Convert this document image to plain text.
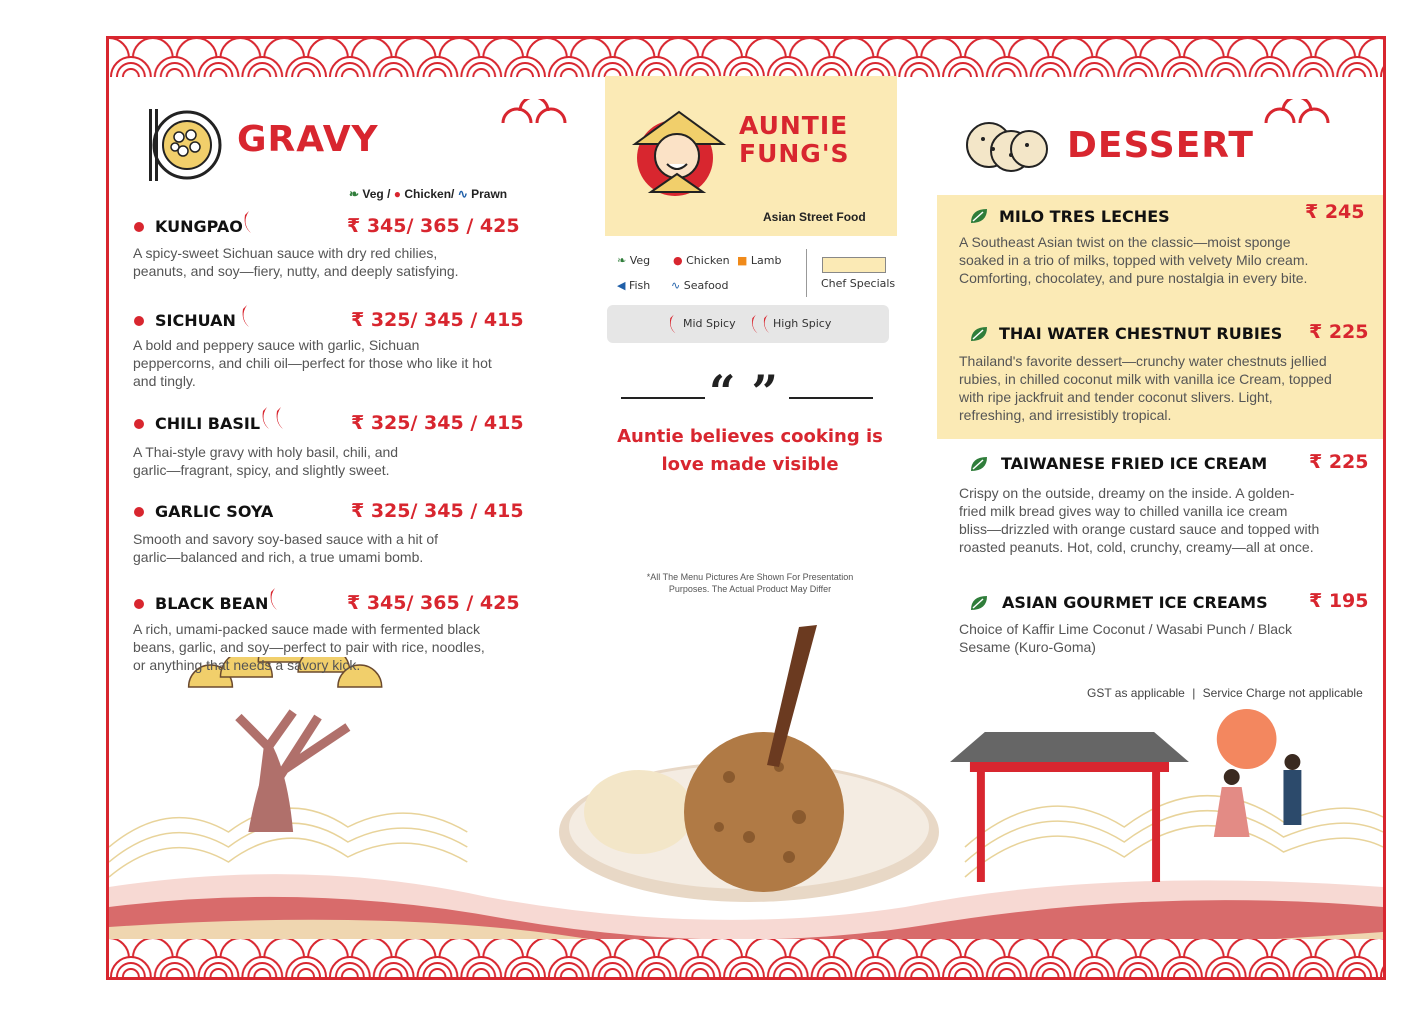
GRAVY
❧ Veg / ● Chicken/ ∿ Prawn
KUNGPAO	₹ 345/ 365 / 425
A spicy-sweet Sichuan sauce with dry red chilies,
peanuts, and soy—fiery, nutty, and deeply satisfying.
SICHUAN	₹ 325/ 345 / 415
A bold and peppery sauce with garlic, Sichuan
peppercorns, and chili oil—perfect for those who like it hot
and tingly.
CHILI BASIL	₹ 325/ 345 / 415
A Thai-style gravy with holy basil, chili, and
garlic—fragrant, spicy, and slightly sweet.
GARLIC SOYA	₹ 325/ 345 / 415
Smooth and savory soy-based sauce with a hit of
garlic—balanced and rich, a true umami bomb.
BLACK BEAN	₹ 345/ 365 / 425
A rich, umami-packed sauce made with fermented black
beans, garlic, and soy—perfect to pair with rice, noodles,
or anything that needs a savory kick.
AUNTIE
FUNG'S
Asian Street Food
❧ Veg ● Chicken ■ Lamb
◀ Fish ∿ Seafood	Chef Specials
Mid Spicy	High Spicy
“ ”
Auntie believes cooking is
love made visible
*All The Menu Pictures Are Shown For Presentation
Purposes. The Actual Product May Differ
DESSERT
MILO TRES LECHES	₹ 245
A Southeast Asian twist on the classic—moist sponge
soaked in a trio of milks, topped with velvety Milo cream.
Comforting, chocolatey, and pure nostalgia in every bite.
THAI WATER CHESTNUT RUBIES ₹ 225
Thailand's favorite dessert—crunchy water chestnuts jellied
rubies, in chilled coconut milk with vanilla ice Cream, topped
with ripe jackfruit and tender coconut slivers. Light,
refreshing, and irresistibly tropical.
TAIWANESE FRIED ICE CREAM ₹ 225
Crispy on the outside, dreamy on the inside. A golden-
fried milk bread gives way to chilled vanilla ice cream
bliss—drizzled with orange custard sauce and topped with
roasted peanuts. Hot, cold, crunchy, creamy—all at once.
ASIAN GOURMET ICE CREAMS ₹ 195
Choice of Kaffir Lime Coconut / Wasabi Punch / Black
Sesame (Kuro-Goma)
GST as applicable | Service Charge not applicable
